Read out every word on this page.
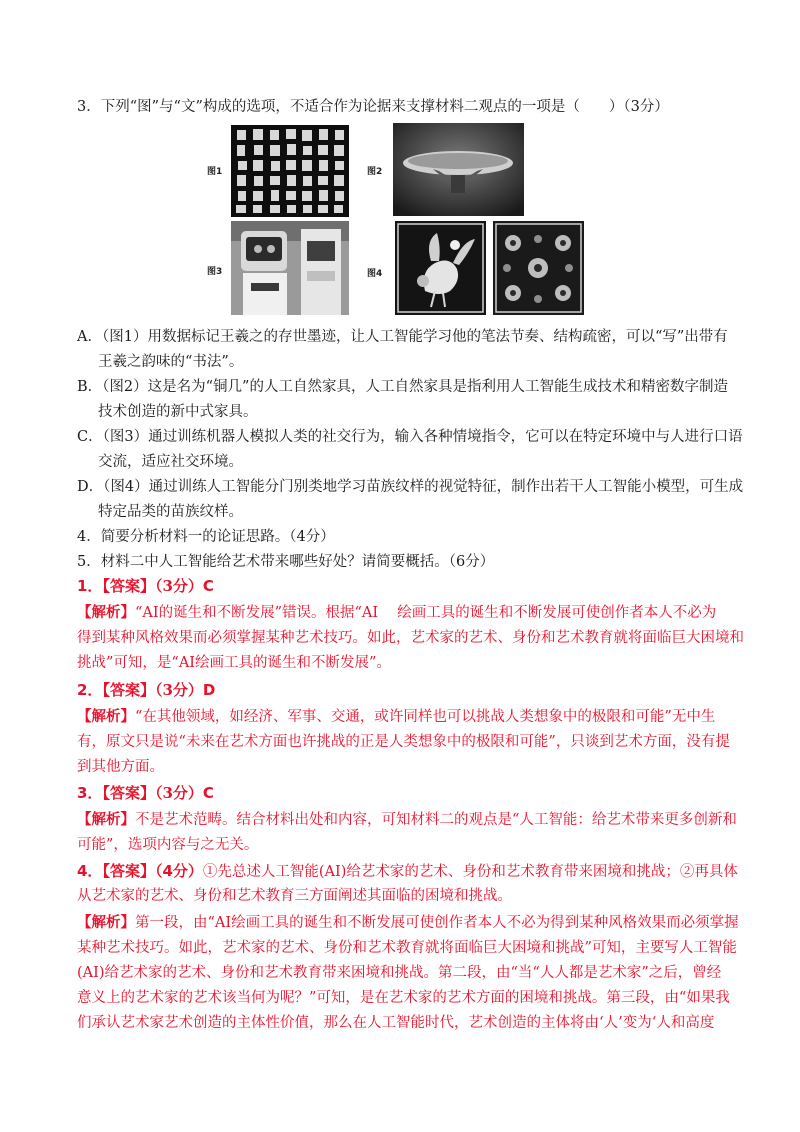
3．下列“图”与“文”构成的选项，不适合作为论据来支撑材料二观点的一项是（　　）（3分）
图1	图2
图3	图4
A．（图1）用数据标记王羲之的存世墨迹，让人工智能学习他的笔法节奏、结构疏密，可以“写”出带有
王羲之韵味的“书法”。
B．（图2）这是名为“铜几”的人工自然家具，人工自然家具是指利用人工智能生成技术和精密数字制造
技术创造的新中式家具。
C．（图3）通过训练机器人模拟人类的社交行为，输入各种情境指令，它可以在特定环境中与人进行口语
交流，适应社交环境。
D．（图4）通过训练人工智能分门别类地学习苗族纹样的视觉特征，制作出若干人工智能小模型，可生成
特定品类的苗族纹样。
4．简要分析材料一的论证思路。（4分）
5．材料二中人工智能给艺术带来哪些好处？请简要概括。（6分）
1．【答案】（3分）C
【解析】“AI的诞生和不断发展”错误。根据“AI　 绘画工具的诞生和不断发展可使创作者本人不必为
得到某种风格效果而必须掌握某种艺术技巧。如此，艺术家的艺术、身份和艺术教育就将面临巨大困境和
挑战”可知，是“AI绘画工具的诞生和不断发展”。
2．【答案】（3分）D
【解析】“在其他领域，如经济、军事、交通，或许同样也可以挑战人类想象中的极限和可能”无中生
有，原文只是说“未来在艺术方面也许挑战的正是人类想象中的极限和可能”，只谈到艺术方面，没有提
到其他方面。
3．【答案】（3分）C
【解析】不是艺术范畴。结合材料出处和内容，可知材料二的观点是“人工智能：给艺术带来更多创新和
可能”，选项内容与之无关。
4．【答案】（4分）①先总述人工智能(AI)给艺术家的艺术、身份和艺术教育带来困境和挑战；②再具体
从艺术家的艺术、身份和艺术教育三方面阐述其面临的困境和挑战。
【解析】第一段，由“AI绘画工具的诞生和不断发展可使创作者本人不必为得到某种风格效果而必须掌握
某种艺术技巧。如此，艺术家的艺术、身份和艺术教育就将面临巨大困境和挑战”可知，主要写人工智能
(AI)给艺术家的艺术、身份和艺术教育带来困境和挑战。第二段，由“当“人人都是艺术家”之后，曾经
意义上的艺术家的艺术该当何为呢？”可知，是在艺术家的艺术方面的困境和挑战。第三段，由“如果我
们承认艺术家艺术创造的主体性价值，那么在人工智能时代，艺术创造的主体将由‘人’变为‘人和高度
